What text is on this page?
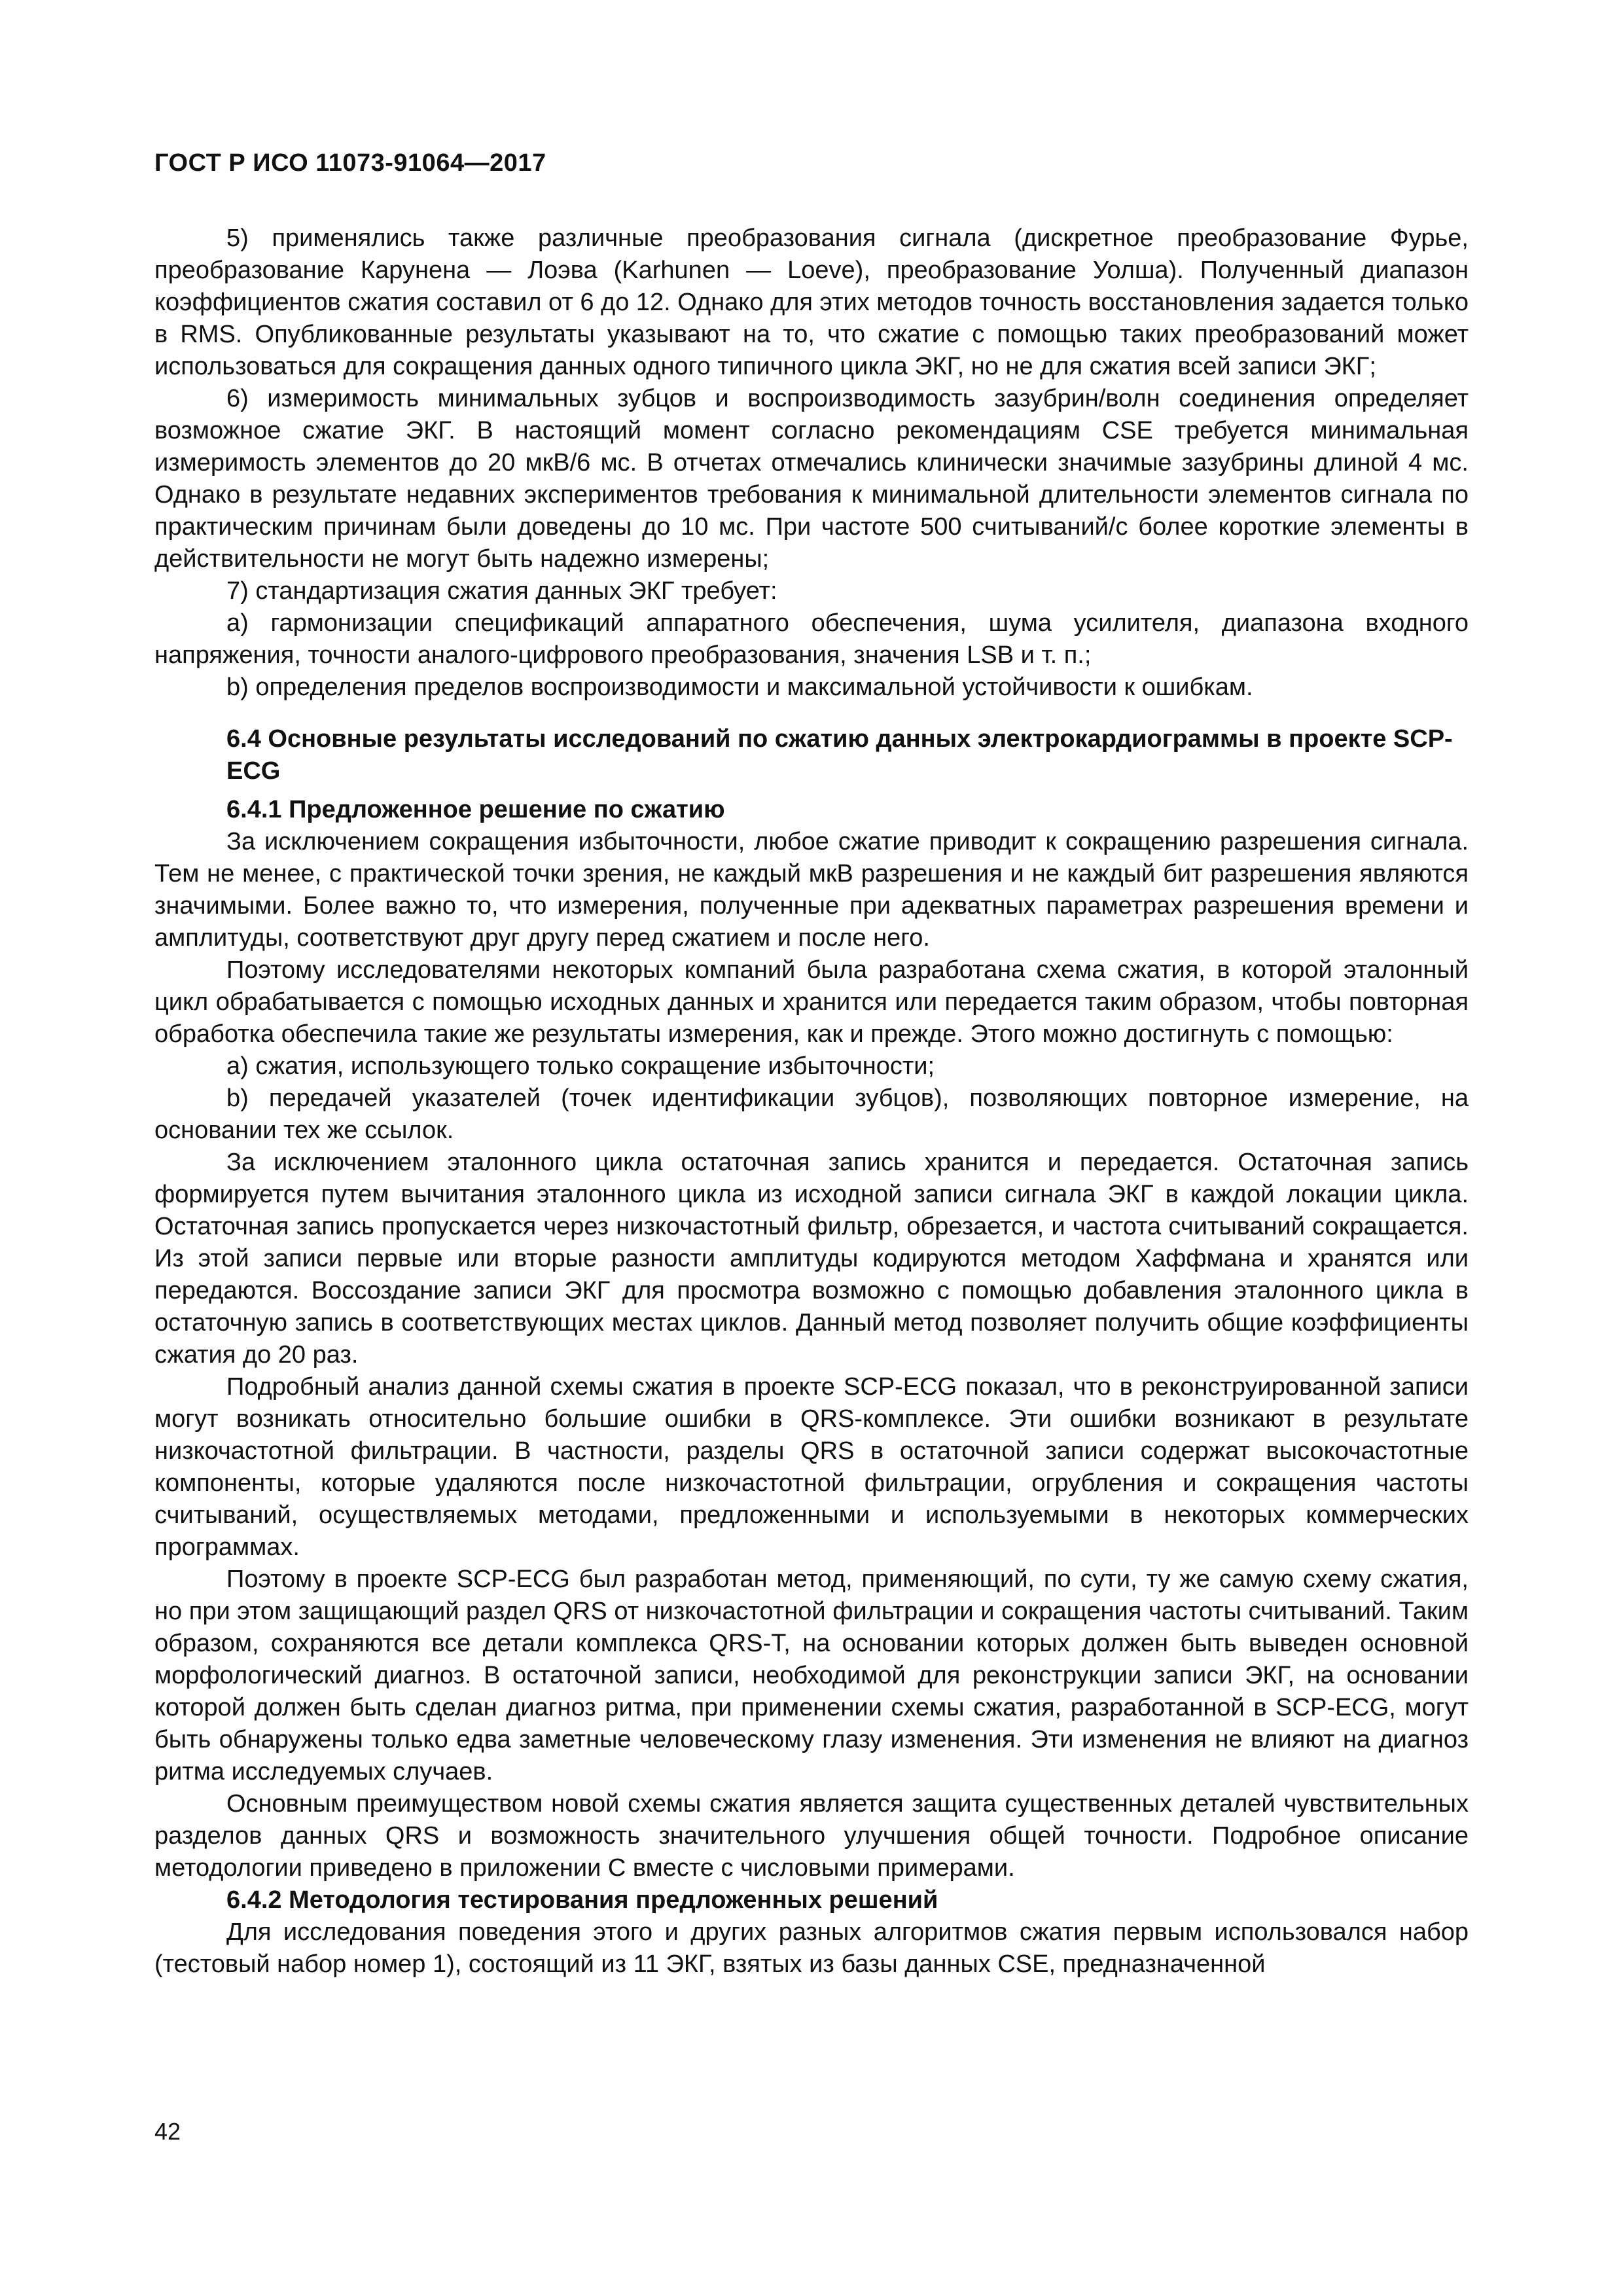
ГОСТ Р ИСО 11073-91064—2017

5) применялись также различные преобразования сигнала (дискретное преобразование Фурье, преобразование Карунена — Лоэва (Karhunen — Loeve), преобразование Уолша). Полученный диапазон коэффициентов сжатия составил от 6 до 12. Однако для этих методов точность восстановления задается только в RMS. Опубликованные результаты указывают на то, что сжатие с помощью таких преобразований может использоваться для сокращения данных одного типичного цикла ЭКГ, но не для сжатия всей записи ЭКГ;

6) измеримость минимальных зубцов и воспроизводимость зазубрин/волн соединения определяет возможное сжатие ЭКГ. В настоящий момент согласно рекомендациям CSE требуется минимальная измеримость элементов до 20 мкВ/6 мс. В отчетах отмечались клинически значимые зазубрины длиной 4 мс. Однако в результате недавних экспериментов требования к минимальной длительности элементов сигнала по практическим причинам были доведены до 10 мс. При частоте 500 считываний/с более короткие элементы в действительности не могут быть надежно измерены;

7) стандартизация сжатия данных ЭКГ требует:

a) гармонизации спецификаций аппаратного обеспечения, шума усилителя, диапазона входного напряжения, точности аналого-цифрового преобразования, значения LSB и т. п.;

b) определения пределов воспроизводимости и максимальной устойчивости к ошибкам.

6.4 Основные результаты исследований по сжатию данных электрокардиограммы в проекте SCP-ECG
6.4.1 Предложенное решение по сжатию

За исключением сокращения избыточности, любое сжатие приводит к сокращению разрешения сигнала. Тем не менее, с практической точки зрения, не каждый мкВ разрешения и не каждый бит разрешения являются значимыми. Более важно то, что измерения, полученные при адекватных параметрах разрешения времени и амплитуды, соответствуют друг другу перед сжатием и после него.

Поэтому исследователями некоторых компаний была разработана схема сжатия, в которой эталонный цикл обрабатывается с помощью исходных данных и хранится или передается таким образом, чтобы повторная обработка обеспечила такие же результаты измерения, как и прежде. Этого можно достигнуть с помощью:

a) сжатия, использующего только сокращение избыточности;

b) передачей указателей (точек идентификации зубцов), позволяющих повторное измерение, на основании тех же ссылок.

За исключением эталонного цикла остаточная запись хранится и передается. Остаточная запись формируется путем вычитания эталонного цикла из исходной записи сигнала ЭКГ в каждой локации цикла. Остаточная запись пропускается через низкочастотный фильтр, обрезается, и частота считываний сокращается. Из этой записи первые или вторые разности амплитуды кодируются методом Хаффмана и хранятся или передаются. Воссоздание записи ЭКГ для просмотра возможно с помощью добавления эталонного цикла в остаточную запись в соответствующих местах циклов. Данный метод позволяет получить общие коэффициенты сжатия до 20 раз.

Подробный анализ данной схемы сжатия в проекте SCP-ECG показал, что в реконструированной записи могут возникать относительно большие ошибки в QRS-комплексе. Эти ошибки возникают в результате низкочастотной фильтрации. В частности, разделы QRS в остаточной записи содержат высокочастотные компоненты, которые удаляются после низкочастотной фильтрации, огрубления и сокращения частоты считываний, осуществляемых методами, предложенными и используемыми в некоторых коммерческих программах.

Поэтому в проекте SCP-ECG был разработан метод, применяющий, по сути, ту же самую схему сжатия, но при этом защищающий раздел QRS от низкочастотной фильтрации и сокращения частоты считываний. Таким образом, сохраняются все детали комплекса QRS-T, на основании которых должен быть выведен основной морфологический диагноз. В остаточной записи, необходимой для реконструкции записи ЭКГ, на основании которой должен быть сделан диагноз ритма, при применении схемы сжатия, разработанной в SCP-ECG, могут быть обнаружены только едва заметные человеческому глазу изменения. Эти изменения не влияют на диагноз ритма исследуемых случаев.

Основным преимуществом новой схемы сжатия является защита существенных деталей чувствительных разделов данных QRS и возможность значительного улучшения общей точности. Подробное описание методологии приведено в приложении С вместе с числовыми примерами.

6.4.2 Методология тестирования предложенных решений

Для исследования поведения этого и других разных алгоритмов сжатия первым использовался набор (тестовый набор номер 1), состоящий из 11 ЭКГ, взятых из базы данных CSE, предназначенной

42
